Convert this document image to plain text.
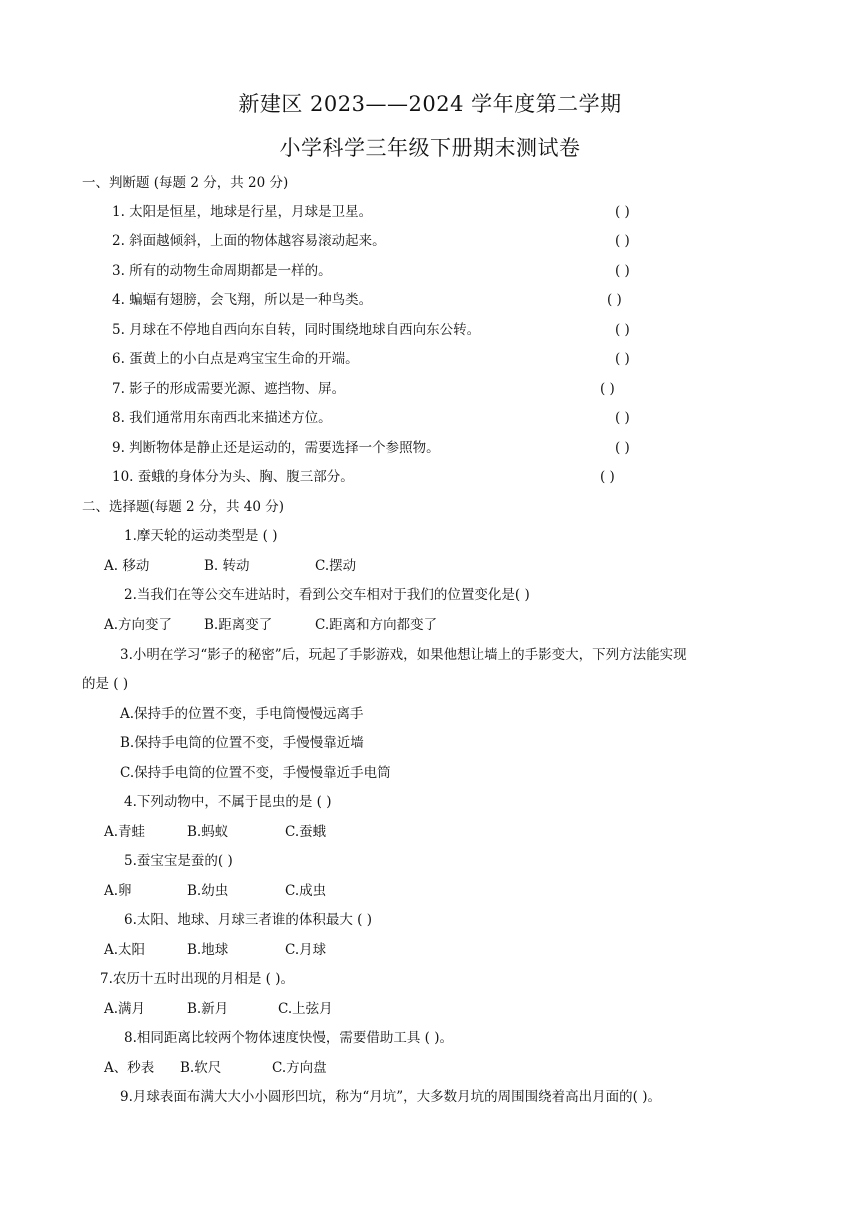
新建区 2023——2024 学年度第二学期
小学科学三年级下册期末测试卷
一、判断题 (每题 2 分，共 20 分)
1. 太阳是恒星，地球是行星，月球是卫星。	( )
2. 斜面越倾斜，上面的物体越容易滚动起来。	( )
3. 所有的动物生命周期都是一样的。	( )
4. 蝙蝠有翅膀，会飞翔，所以是一种鸟类。	( )
5. 月球在不停地自西向东自转，同时围绕地球自西向东公转。	( )
6. 蛋黄上的小白点是鸡宝宝生命的开端。	( )
7. 影子的形成需要光源、遮挡物、屏。	( )
8. 我们通常用东南西北来描述方位。	( )
9. 判断物体是静止还是运动的，需要选择一个参照物。	( )
10. 蚕蛾的身体分为头、胸、腹三部分。	( )
二、选择题(每题 2 分，共 40 分)
1.摩天轮的运动类型是 ( )
A. 移动	B. 转动	C.摆动
2.当我们在等公交车进站时，看到公交车相对于我们的位置变化是( )
A.方向变了 B.距离变了	C.距离和方向都变了
3.小明在学习“影子的秘密”后，玩起了手影游戏，如果他想让墙上的手影变大，下列方法能实现
的是 ( )
A.保持手的位置不变，手电筒慢慢远离手
B.保持手电筒的位置不变，手慢慢靠近墙
C.保持手电筒的位置不变，手慢慢靠近手电筒
4.下列动物中，不属于昆虫的是 ( )
A.青蛙	B.蚂蚁	C.蚕蛾
5.蚕宝宝是蚕的( )
A.卵	B.幼虫	C.成虫
6.太阳、地球、月球三者谁的体积最大 ( )
A.太阳	B.地球	C.月球
7.农历十五时出现的月相是 ( )。
A.满月	B.新月	C.上弦月
8.相同距离比较两个物体速度快慢，需要借助工具 ( )。
A、秒表 B.软尺	C.方向盘
9.月球表面布满大大小小圆形凹坑，称为“月坑”，大多数月坑的周围围绕着高出月面的( )。
